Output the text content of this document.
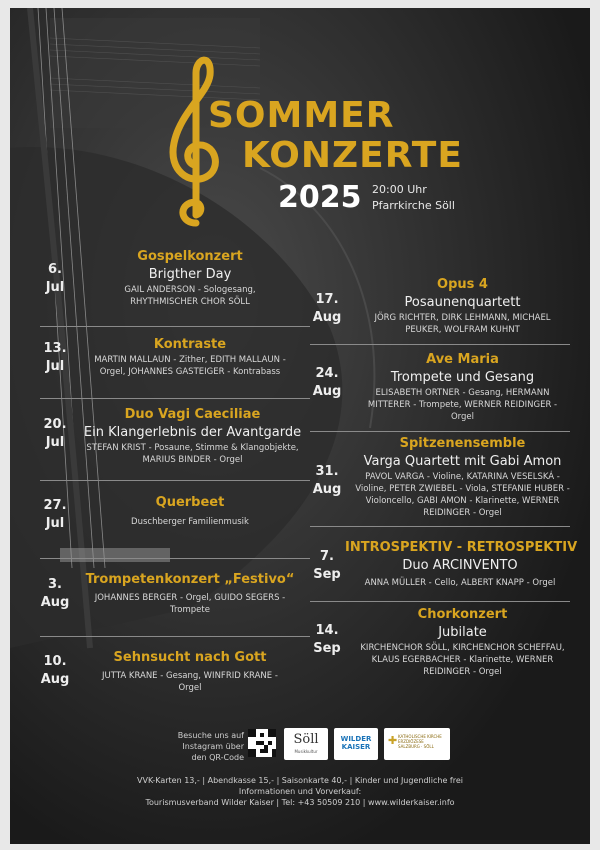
SOMMER
KONZERTE
2025 20:00 Uhr
Pfarrkirche Söll
6.
Jul
Gospelkonzert
Brigther Day
GAIL ANDERSON - Sologesang, RHYTHMISCHER CHOR SÖLL
13.
Jul
Kontraste
MARTIN MALLAUN - Zither, EDITH MALLAUN - Orgel, JOHANNES GASTEIGER - Kontrabass
20.
Jul
Duo Vagi Caeciliae
Ein Klangerlebnis der Avantgarde
STEFAN KRIST - Posaune, Stimme & Klangobjekte, MARIUS BINDER - Orgel
27.
Jul
Querbeet
Duschberger Familienmusik
3.
Aug
Trompetenkonzert „Festivo“
JOHANNES BERGER - Orgel, GUIDO SEGERS - Trompete
10.
Aug
Sehnsucht nach Gott
JUTTA KRANE - Gesang, WINFRID KRANE - Orgel
17.
Aug
Opus 4
Posaunenquartett
JÖRG RICHTER, DIRK LEHMANN, MICHAEL PEUKER, WOLFRAM KUHNT
24.
Aug
Ave Maria
Trompete und Gesang
ELISABETH ORTNER - Gesang, HERMANN MITTERER - Trompete, WERNER REIDINGER - Orgel
31.
Aug
Spitzenensemble
Varga Quartett mit Gabi Amon
PAVOL VARGA - Violine, KATARINA VESELSKÁ - Violine, PETER ZWIEBEL - Viola, STEFANIE HUBER - Violoncello, GABI AMON - Klarinette, WERNER REIDINGER - Orgel
7.
Sep
INTROSPEKTIV - RETROSPEKTIV
Duo ARCINVENTO
ANNA MÜLLER - Cello, ALBERT KNAPP - Orgel
14.
Sep
Chorkonzert
Jubilate
KIRCHENCHOR SÖLL, KIRCHENCHOR SCHEFFAU, KLAUS EGERBACHER - Klarinette, WERNER REIDINGER - Orgel
Besuche uns auf Instagram über den QR-Code
Söll
Musikkultur
WILDER KAISER	✚ KATHOLISCHE KIRCHE ERZDIÖZESE SALZBURG · SÖLL
VVK-Karten 13,- | Abendkasse 15,- | Saisonkarte 40,- | Kinder und Jugendliche frei
Informationen und Vorverkauf:
Tourismusverband Wilder Kaiser | Tel: +43 50509 210 | www.wilderkaiser.info
